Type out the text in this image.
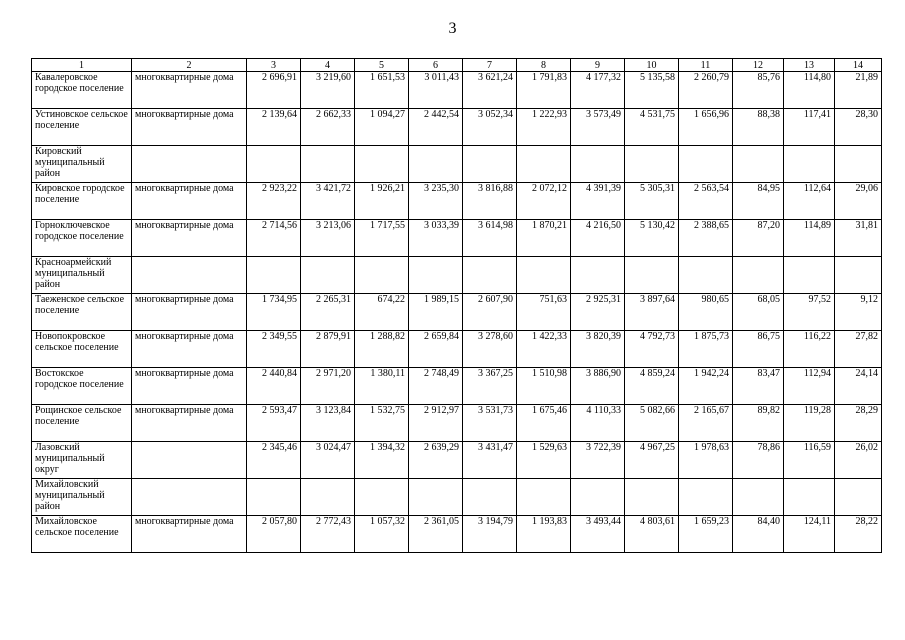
3
1	2	3	4	5	6	7	8	9	10	11	12	13	14
Кавалеровское городское поселение	многоквартирные дома	2 696,91	3 219,60	1 651,53	3 011,43	3 621,24	1 791,83	4 177,32	5 135,58	2 260,79	85,76	114,80	21,89
Устиновское сельское поселение	многоквартирные дома	2 139,64	2 662,33	1 094,27	2 442,54	3 052,34	1 222,93	3 573,49	4 531,75	1 656,96	88,38	117,41	28,30
Кировский муниципальный район													
Кировское городское поселение	многоквартирные дома	2 923,22	3 421,72	1 926,21	3 235,30	3 816,88	2 072,12	4 391,39	5 305,31	2 563,54	84,95	112,64	29,06
Горноключевское городское поселение	многоквартирные дома	2 714,56	3 213,06	1 717,55	3 033,39	3 614,98	1 870,21	4 216,50	5 130,42	2 388,65	87,20	114,89	31,81
Красноармейский муниципальный район													
Таеженское сельское поселение	многоквартирные дома	1 734,95	2 265,31	674,22	1 989,15	2 607,90	751,63	2 925,31	3 897,64	980,65	68,05	97,52	9,12
Новопокровское сельское поселение	многоквартирные дома	2 349,55	2 879,91	1 288,82	2 659,84	3 278,60	1 422,33	3 820,39	4 792,73	1 875,73	86,75	116,22	27,82
Востокское городское поселение	многоквартирные дома	2 440,84	2 971,20	1 380,11	2 748,49	3 367,25	1 510,98	3 886,90	4 859,24	1 942,24	83,47	112,94	24,14
Рощинское сельское поселение	многоквартирные дома	2 593,47	3 123,84	1 532,75	2 912,97	3 531,73	1 675,46	4 110,33	5 082,66	2 165,67	89,82	119,28	28,29
Лазовский муниципальный округ		2 345,46	3 024,47	1 394,32	2 639,29	3 431,47	1 529,63	3 722,39	4 967,25	1 978,63	78,86	116,59	26,02
Михайловский муниципальный район													
Михайловское сельское поселение	многоквартирные дома	2 057,80	2 772,43	1 057,32	2 361,05	3 194,79	1 193,83	3 493,44	4 803,61	1 659,23	84,40	124,11	28,22
